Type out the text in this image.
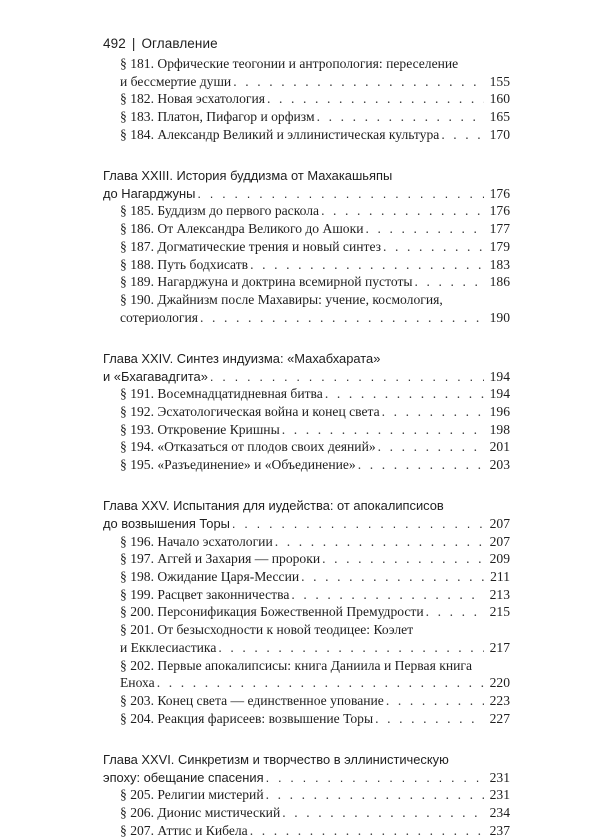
492 | Оглавление
§ 181. Орфические теогонии и антропология: переселение
и бессмертие души . . .	155
§ 182. Новая эсхатология . . .	160
§ 183. Платон, Пифагор и орфизм . . .	165
§ 184. Александр Великий и эллинистическая культура . . .	170
Глава XXIII. История буддизма от Махакашьяпы
до Нагарджуны . . .	176
§ 185. Буддизм до первого раскола . . .	176
§ 186. От Александра Великого до Ашоки . . .	177
§ 187. Догматические трения и новый синтез . . .	179
§ 188. Путь бодхисатв . . .	183
§ 189. Нагарджуна и доктрина всемирной пустоты . . .	186
§ 190. Джайнизм после Махавиры: учение, космология,
сотериология . . .	190
Глава XXIV. Синтез индуизма: «Махабхарата»
и «Бхагавадгита» . . .	194
§ 191. Восемнадцатидневная битва . . .	194
§ 192. Эсхатологическая война и конец света . . .	196
§ 193. Откровение Кришны . . .	198
§ 194. «Отказаться от плодов своих деяний» . . .	201
§ 195. «Разъединение» и «Объединение» . . .	203
Глава XXV. Испытания для иудейства: от апокалипсисов
до возвышения Торы . . .	207
§ 196. Начало эсхатологии . . .	207
§ 197. Аггей и Захария — пророки . . .	209
§ 198. Ожидание Царя-Мессии . . .	211
§ 199. Расцвет законничества . . .	213
§ 200. Персонификация Божественной Премудрости . . .	215
§ 201. От безысходности к новой теодицее: Коэлет
и Екклесиастика . . .	217
§ 202. Первые апокалипсисы: книга Даниила и Первая книга
Еноха . . .	220
§ 203. Конец света — единственное упование . . .	223
§ 204. Реакция фарисеев: возвышение Торы . . .	227
Глава XXVI. Синкретизм и творчество в эллинистическую
эпоху: обещание спасения . . .	231
§ 205. Религии мистерий . . .	231
§ 206. Дионис мистический . . .	234
§ 207. Аттис и Кибела . . .	237
